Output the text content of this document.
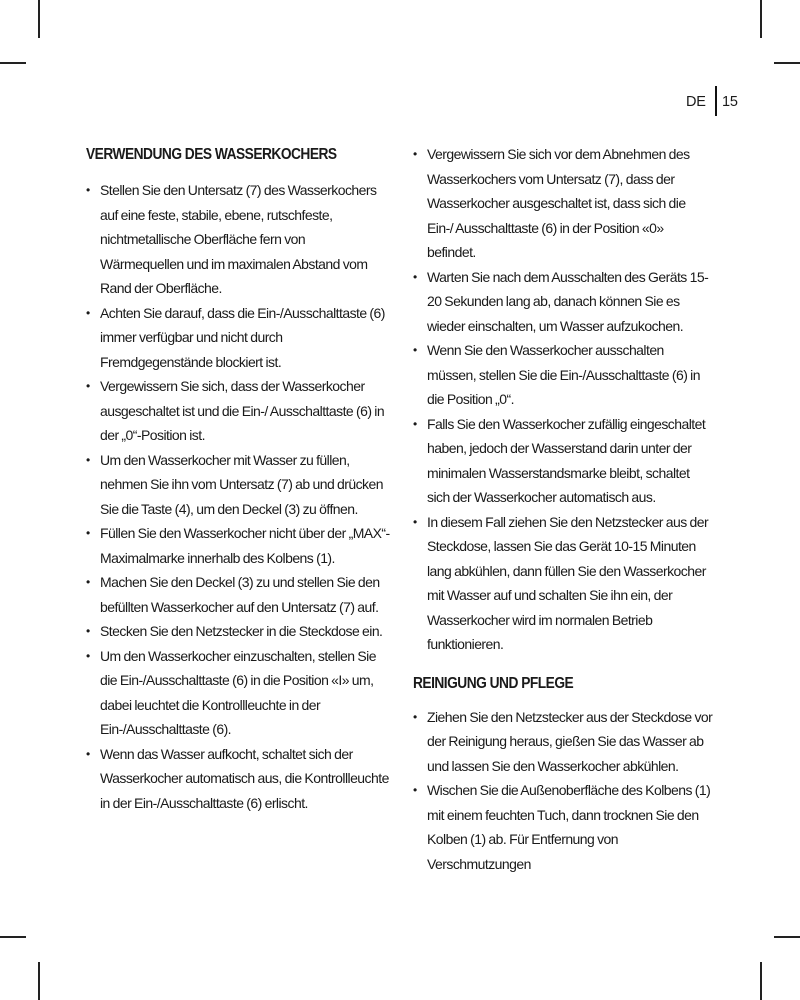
DE 15
VERWENDUNG DES WASSERKOCHERS
• Stellen Sie den Untersatz (7) des Wasserkochers auf eine feste, stabile, ebene, rutschfeste, nichtmetallische Oberfläche fern von Wärmequellen und im maximalen Abstand vom Rand der Oberfläche.
• Achten Sie darauf, dass die Ein-/Ausschalttaste (6) immer verfügbar und nicht durch Fremdgegenstände blockiert ist.
• Vergewissern Sie sich, dass der Wasserkocher ausgeschaltet ist und die Ein-/ Ausschalttaste (6) in der „0“-Position ist.
• Um den Wasserkocher mit Wasser zu füllen, nehmen Sie ihn vom Untersatz (7) ab und drücken Sie die Taste (4), um den Deckel (3) zu öffnen.
• Füllen Sie den Wasserkocher nicht über der „MAX“-Maximalmarke innerhalb des Kolbens (1).
• Machen Sie den Deckel (3) zu und stellen Sie den befüllten Wasserkocher auf den Untersatz (7) auf.
• Stecken Sie den Netzstecker in die Steckdose ein.
• Um den Wasserkocher einzuschalten, stellen Sie die Ein-/Ausschalttaste (6) in die Position «I» um, dabei leuchtet die Kontrollleuchte in der Ein-/Ausschalttaste (6).
• Wenn das Wasser aufkocht, schaltet sich der Wasserkocher automatisch aus, die Kontrollleuchte in der Ein-/Ausschalttaste (6) erlischt.
• Vergewissern Sie sich vor dem Abnehmen des Wasserkochers vom Untersatz (7), dass der Wasserkocher ausgeschaltet ist, dass sich die Ein-/ Ausschalttaste (6) in der Position «0» befindet.
• Warten Sie nach dem Ausschalten des Geräts 15-20 Sekunden lang ab, danach können Sie es wieder einschalten, um Wasser aufzukochen.
• Wenn Sie den Wasserkocher ausschalten müssen, stellen Sie die Ein-/Ausschalttaste (6) in die Position „0“.
• Falls Sie den Wasserkocher zufällig eingeschaltet haben, jedoch der Wasserstand darin unter der minimalen Wasserstandsmarke bleibt, schaltet sich der Wasserkocher automatisch aus.
• In diesem Fall ziehen Sie den Netzstecker aus der Steckdose, lassen Sie das Gerät 10-15 Minuten lang abkühlen, dann füllen Sie den Wasserkocher mit Wasser auf und schalten Sie ihn ein, der Wasserkocher wird im normalen Betrieb funktionieren.
REINIGUNG UND PFLEGE
• Ziehen Sie den Netzstecker aus der Steckdose vor der Reinigung heraus, gießen Sie das Wasser ab und lassen Sie den Wasserkocher abkühlen.
• Wischen Sie die Außenoberfläche des Kolbens (1) mit einem feuchten Tuch, dann trocknen Sie den Kolben (1) ab. Für Entfernung von Verschmutzungen
